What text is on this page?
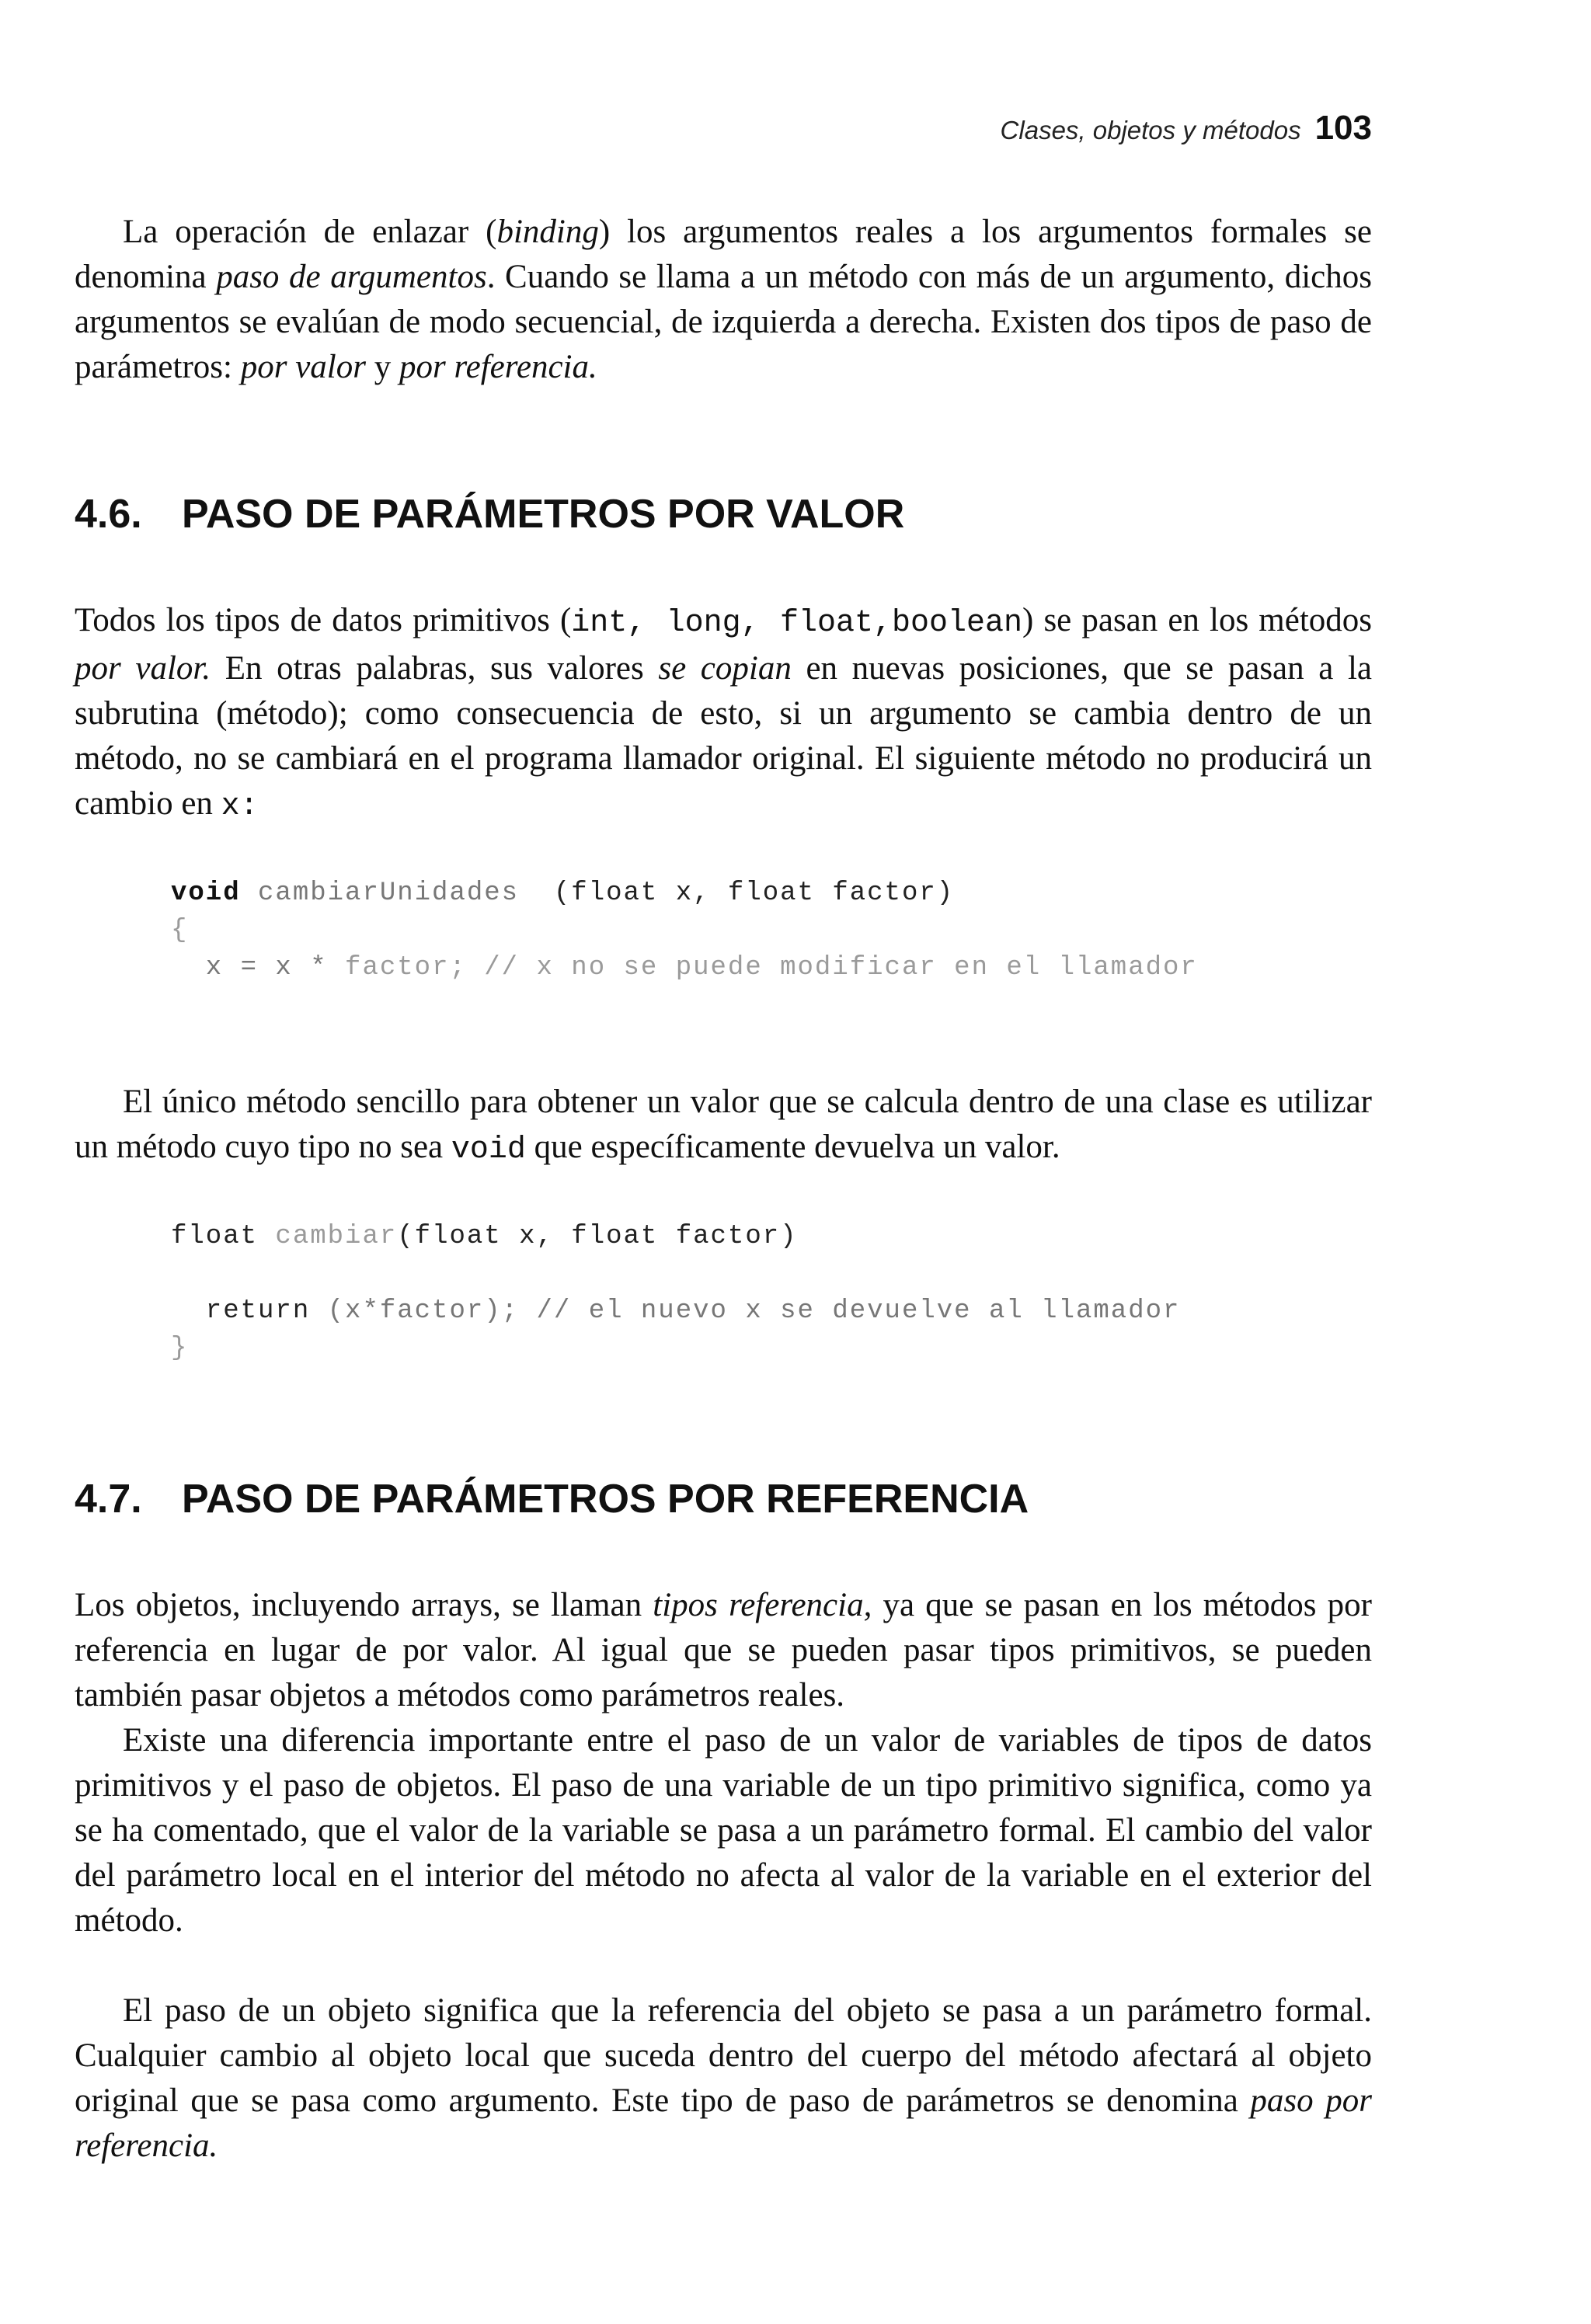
Clases, objetos y métodos 103

La operación de enlazar (binding) los argumentos reales a los argumentos formales se denomina paso de argumentos. Cuando se llama a un método con más de un argumento, dichos argumentos se evalúan de modo secuencial, de izquierda a derecha. Existen dos tipos de paso de parámetros: por valor y por referencia.

4.6. PASO DE PARÁMETROS POR VALOR

Todos los tipos de datos primitivos (int, long, float,boolean) se pasan en los métodos por valor. En otras palabras, sus valores se copian en nuevas posiciones, que se pasan a la subrutina (método); como consecuencia de esto, si un argumento se cambia dentro de un método, no se cambiará en el programa llamador original. El siguiente método no producirá un cambio en x:

void cambiarUnidades  (float x, float factor)
{
x = x * factor; // x no se puede modificar en el llamador

El único método sencillo para obtener un valor que se calcula dentro de una clase es utilizar un método cuyo tipo no sea void que específicamente devuelva un valor.

float cambiar(float x, float factor)

return (x*factor); // el nuevo x se devuelve al llamador
}
4.7. PASO DE PARÁMETROS POR REFERENCIA

Los objetos, incluyendo arrays, se llaman tipos referencia, ya que se pasan en los métodos por referencia en lugar de por valor. Al igual que se pueden pasar tipos primitivos, se pueden también pasar objetos a métodos como parámetros reales.

Existe una diferencia importante entre el paso de un valor de variables de tipos de datos primitivos y el paso de objetos. El paso de una variable de un tipo primitivo significa, como ya se ha comentado, que el valor de la variable se pasa a un parámetro formal. El cambio del valor del parámetro local en el interior del método no afecta al valor de la variable en el exterior del método.

El paso de un objeto significa que la referencia del objeto se pasa a un parámetro formal. Cualquier cambio al objeto local que suceda dentro del cuerpo del método afectará al objeto original que se pasa como argumento. Este tipo de paso de parámetros se denomina paso por referencia.
